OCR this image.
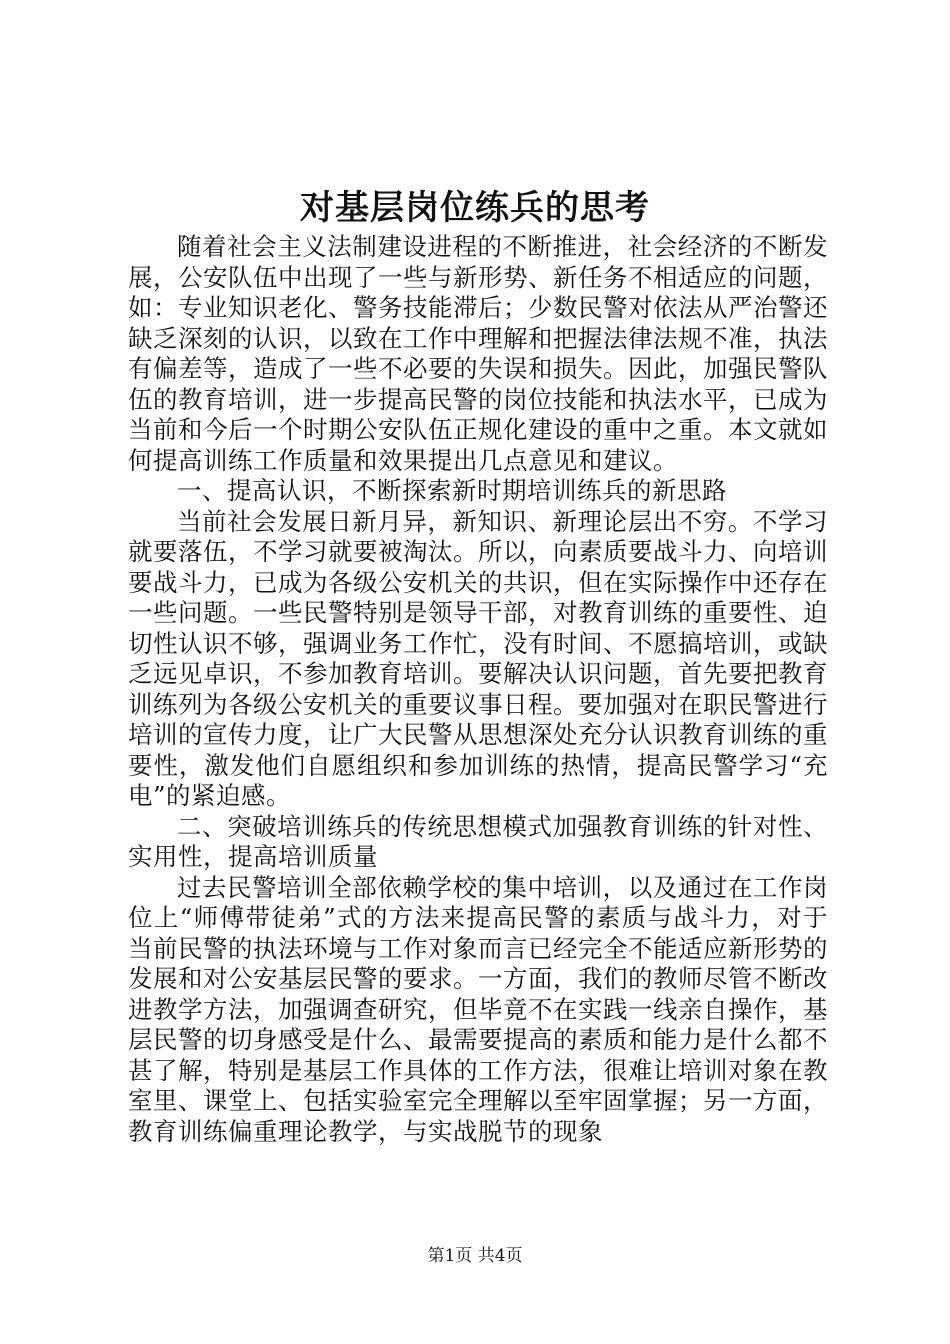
对基层岗位练兵的思考

随着社会主义法制建设进程的不断推进，社会经济的不断发展，公安队伍中出现了一些与新形势、新任务不相适应的问题，如：专业知识老化、警务技能滞后；少数民警对依法从严治警还缺乏深刻的认识，以致在工作中理解和把握法律法规不准，执法有偏差等，造成了一些不必要的失误和损失。因此，加强民警队伍的教育培训，进一步提高民警的岗位技能和执法水平，已成为当前和今后一个时期公安队伍正规化建设的重中之重。本文就如何提高训练工作质量和效果提出几点意见和建议。

一、提高认识，不断探索新时期培训练兵的新思路

当前社会发展日新月异，新知识、新理论层出不穷。不学习就要落伍，不学习就要被淘汰。所以，向素质要战斗力、向培训要战斗力，已成为各级公安机关的共识，但在实际操作中还存在一些问题。一些民警特别是领导干部，对教育训练的重要性、迫切性认识不够，强调业务工作忙，没有时间、不愿搞培训，或缺乏远见卓识，不参加教育培训。要解决认识问题，首先要把教育训练列为各级公安机关的重要议事日程。要加强对在职民警进行培训的宣传力度，让广大民警从思想深处充分认识教育训练的重要性，激发他们自愿组织和参加训练的热情，提高民警学习“充电”的紧迫感。

二、突破培训练兵的传统思想模式加强教育训练的针对性、实用性，提高培训质量

过去民警培训全部依赖学校的集中培训，以及通过在工作岗位上“师傅带徒弟”式的方法来提高民警的素质与战斗力，对于当前民警的执法环境与工作对象而言已经完全不能适应新形势的发展和对公安基层民警的要求。一方面，我们的教师尽管不断改进教学方法，加强调查研究，但毕竟不在实践一线亲自操作，基层民警的切身感受是什么、最需要提高的素质和能力是什么都不甚了解，特别是基层工作具体的工作方法，很难让培训对象在教室里、课堂上、包括实验室完全理解以至牢固掌握；另一方面，教育训练偏重理论教学，与实战脱节的现象

第1页 共4页
